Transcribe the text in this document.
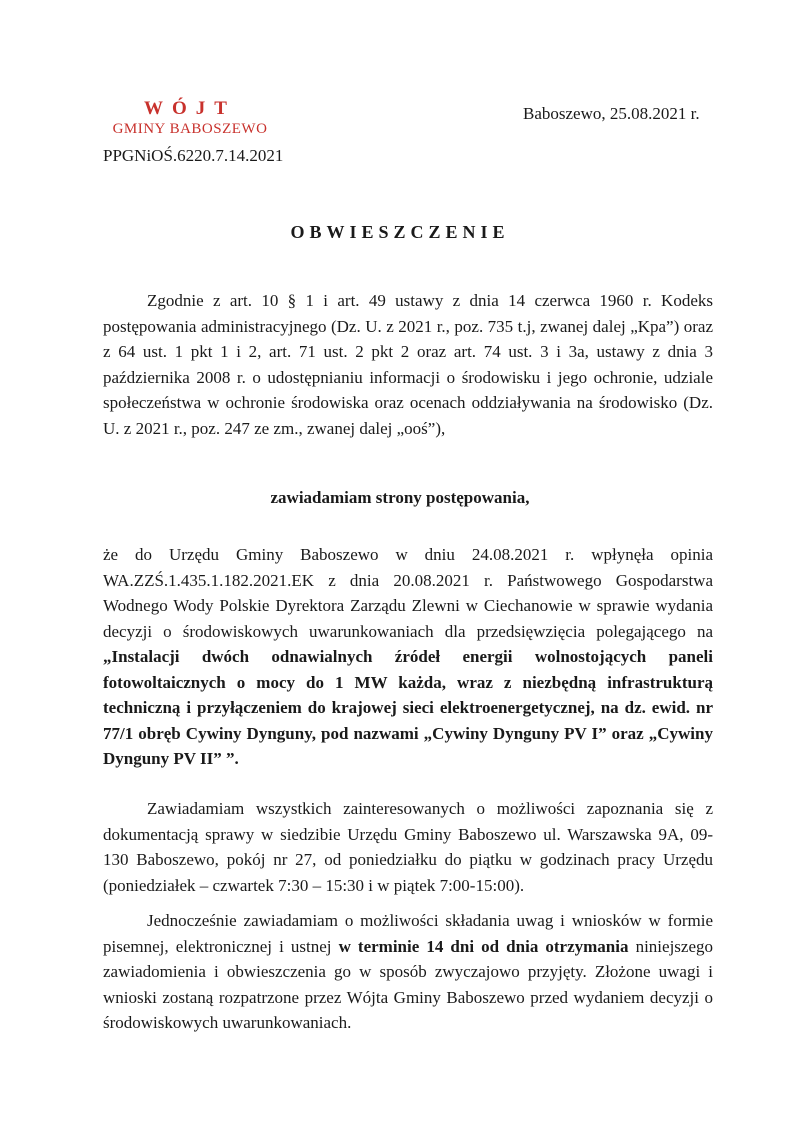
WÓJT
GMINY BABOSZEWO
Baboszewo, 25.08.2021 r.
PPGNiOŚ.6220.7.14.2021
OBWIESZCZENIE
Zgodnie z art. 10 § 1 i art. 49 ustawy z dnia 14 czerwca 1960 r. Kodeks postępowania administracyjnego (Dz. U. z 2021 r., poz. 735 t.j, zwanej dalej „Kpa”) oraz z 64 ust. 1 pkt 1 i 2, art. 71 ust. 2 pkt 2 oraz art. 74 ust. 3 i 3a, ustawy z dnia 3 października 2008 r. o udostępnianiu informacji o środowisku i jego ochronie, udziale społeczeństwa w ochronie środowiska oraz ocenach oddziaływania na środowisko (Dz. U. z 2021 r., poz. 247 ze zm., zwanej dalej „ooś”),
zawiadamiam strony postępowania,
że do Urzędu Gminy Baboszewo w dniu 24.08.2021 r. wpłynęła opinia WA.ZZŚ.1.435.1.182.2021.EK z dnia 20.08.2021 r. Państwowego Gospodarstwa Wodnego Wody Polskie Dyrektora Zarządu Zlewni w Ciechanowie w sprawie wydania decyzji o środowiskowych uwarunkowaniach dla przedsięwzięcia polegającego na „Instalacji dwóch odnawialnych źródeł energii wolnostojących paneli fotowoltaicznych o mocy do 1 MW każda, wraz z niezbędną infrastrukturą techniczną i przyłączeniem do krajowej sieci elektroenergetycznej, na dz. ewid. nr 77/1 obręb Cywiny Dynguny, pod nazwami „Cywiny Dynguny PV I” oraz „Cywiny Dynguny PV II” ”.
Zawiadamiam wszystkich zainteresowanych o możliwości zapoznania się z dokumentacją sprawy w siedzibie Urzędu Gminy Baboszewo ul. Warszawska 9A, 09-130 Baboszewo, pokój nr 27, od poniedziałku do piątku w godzinach pracy Urzędu (poniedziałek – czwartek 7:30 – 15:30 i w piątek 7:00-15:00).
Jednocześnie zawiadamiam o możliwości składania uwag i wniosków w formie pisemnej, elektronicznej i ustnej w terminie 14 dni od dnia otrzymania niniejszego zawiadomienia i obwieszczenia go w sposób zwyczajowo przyjęty. Złożone uwagi i wnioski zostaną rozpatrzone przez Wójta Gminy Baboszewo przed wydaniem decyzji o środowiskowych uwarunkowaniach.
